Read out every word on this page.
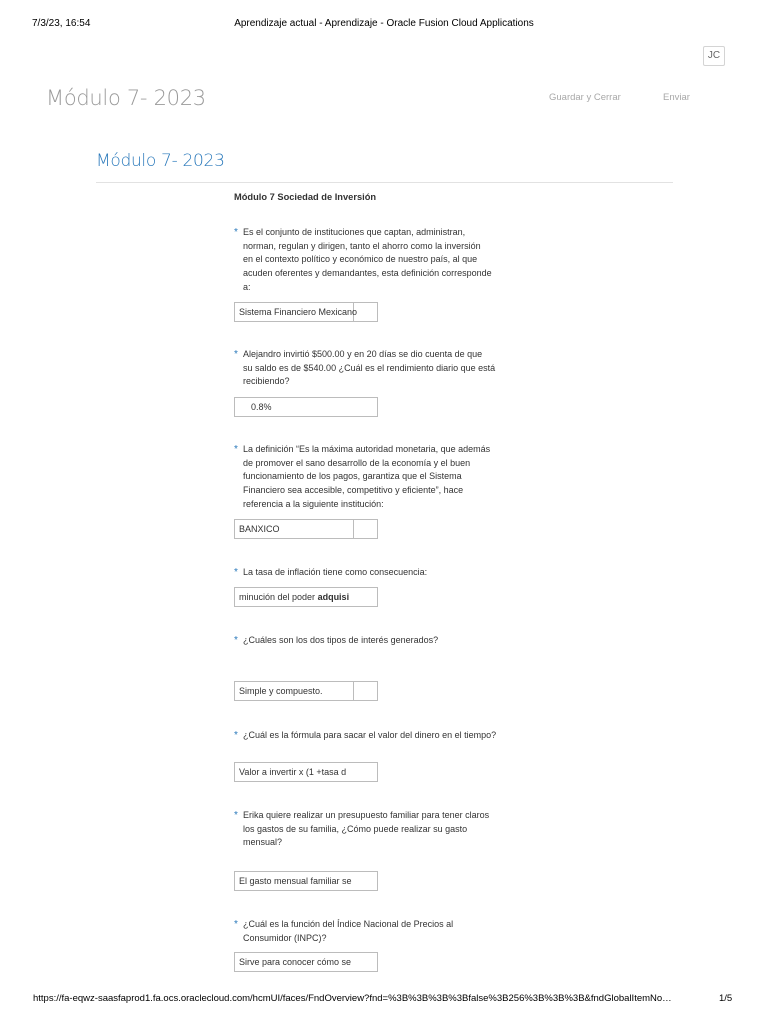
7/3/23, 16:54	Aprendizaje actual - Aprendizaje - Oracle Fusion Cloud Applications
JC
Módulo 7- 2023	Guardar y Cerrar	Enviar
Módulo 7- 2023
Módulo 7 Sociedad de Inversión
* Es el conjunto de instituciones que captan, administran,
norman, regulan y dirigen, tanto el ahorro como la inversión
en el contexto político y económico de nuestro país, al que
acuden oferentes y demandantes, esta definición corresponde
a:
Sistema Financiero Mexicano
* Alejandro invirtió $500.00 y en 20 días se dio cuenta de que
su saldo es de $540.00 ¿Cuál es el rendimiento diario que está
recibiendo?
0.8%
* La definición “Es la máxima autoridad monetaria, que además
de promover el sano desarrollo de la economía y el buen
funcionamiento de los pagos, garantiza que el Sistema
Financiero sea accesible, competitivo y eficiente”, hace
referencia a la siguiente institución:
BANXICO
* La tasa de inflación tiene como consecuencia:
minución del poder adquisi
* ¿Cuáles son los dos tipos de interés generados?
Simple y compuesto.
* ¿Cuál es la fórmula para sacar el valor del dinero en el tiempo?
Valor a invertir x (1 +tasa d
* Erika quiere realizar un presupuesto familiar para tener claros
los gastos de su familia, ¿Cómo puede realizar su gasto
mensual?
El gasto mensual familiar se
* ¿Cuál es la función del Índice Nacional de Precios al
Consumidor (INPC)?
Sirve para conocer cómo se
https://fa-eqwz-saasfaprod1.fa.ocs.oraclecloud.com/hcmUI/faces/FndOverview?fnd=%3B%3B%3B%3Bfalse%3B256%3B%3B%3B&fndGlobalItemNo…	1/5
